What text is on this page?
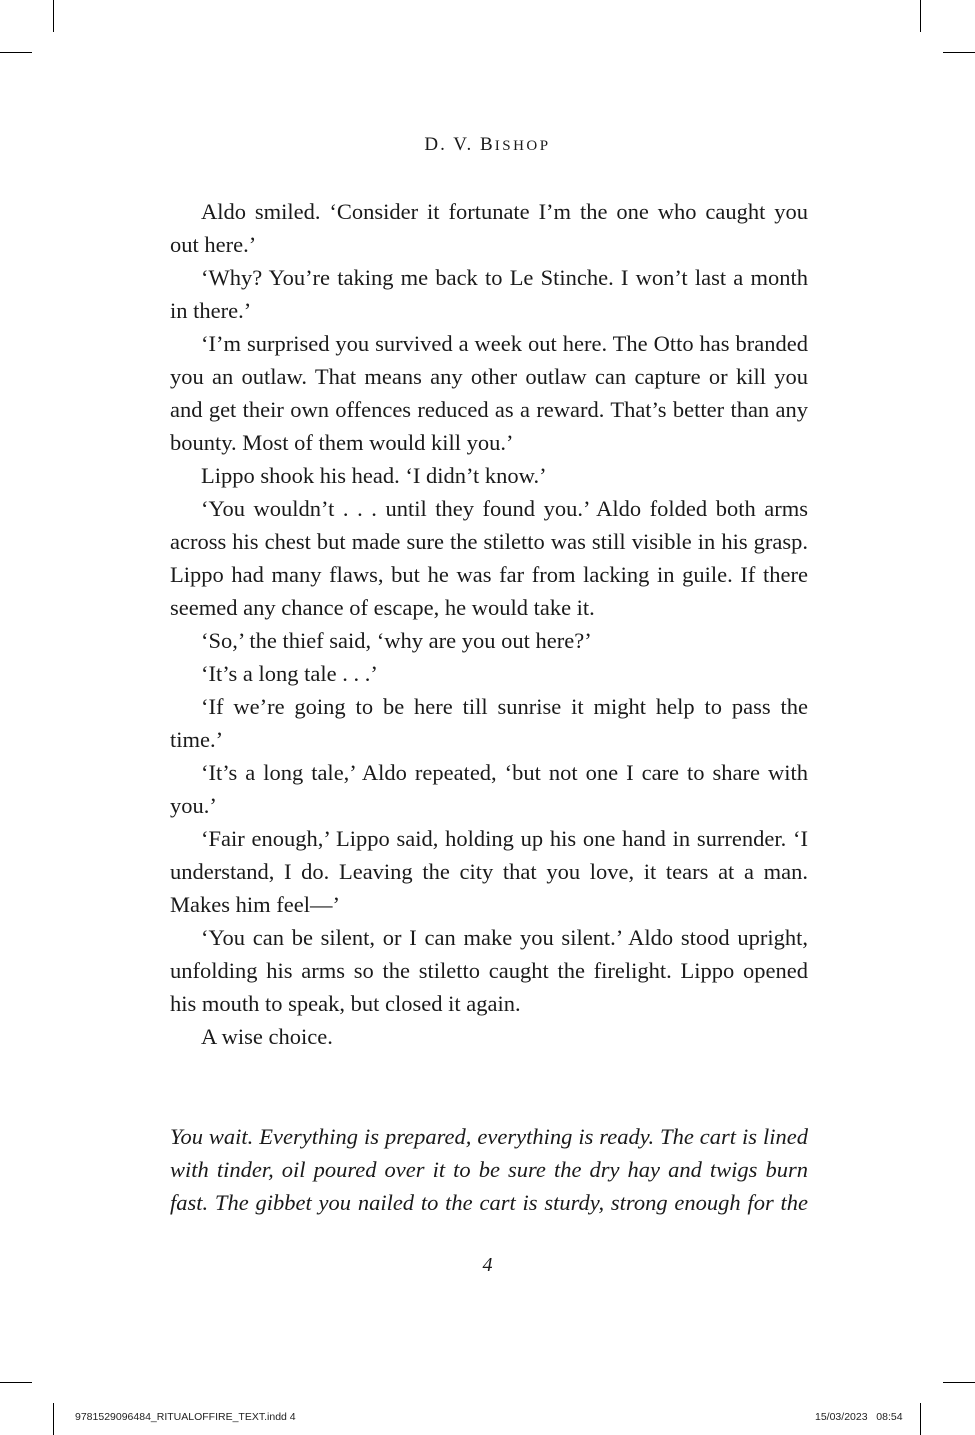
D. V. BISHOP

Aldo smiled. ‘Consider it fortunate I’m the one who caught you out here.’

‘Why? You’re taking me back to Le Stinche. I won’t last a month in there.’

‘I’m surprised you survived a week out here. The Otto has branded you an outlaw. That means any other outlaw can capture or kill you and get their own offences reduced as a reward. That’s better than any bounty. Most of them would kill you.’

Lippo shook his head. ‘I didn’t know.’

‘You wouldn’t . . . until they found you.’ Aldo folded both arms across his chest but made sure the stiletto was still visible in his grasp. Lippo had many flaws, but he was far from lacking in guile. If there seemed any chance of escape, he would take it.

‘So,’ the thief said, ‘why are you out here?’

‘It’s a long tale . . .’

‘If we’re going to be here till sunrise it might help to pass the time.’

‘It’s a long tale,’ Aldo repeated, ‘but not one I care to share with you.’

‘Fair enough,’ Lippo said, holding up his one hand in surrender. ‘I understand, I do. Leaving the city that you love, it tears at a man. Makes him feel—’

‘You can be silent, or I can make you silent.’ Aldo stood upright, unfolding his arms so the stiletto caught the firelight. Lippo opened his mouth to speak, but closed it again.

A wise choice.

You wait. Everything is prepared, everything is ready. The cart is lined with tinder, oil poured over it to be sure the dry hay and twigs burn fast. The gibbet you nailed to the cart is sturdy, strong enough for the
4
9781529096484_RITUALOFFIRE_TEXT.indd 4	15/03/2023   08:54
